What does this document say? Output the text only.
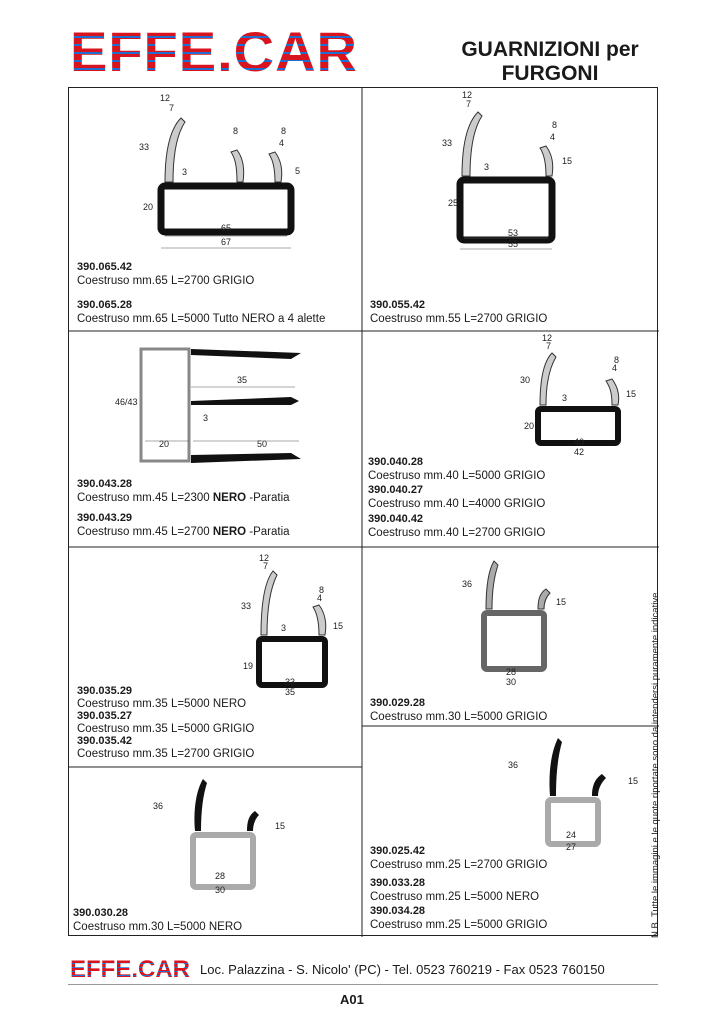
EFFE.CAR	GUARNIZIONI per
FURGONI
12
7
33
3
8	8
4
5
20
65
67
390.065.42
Coestruso mm.65 L=2700 GRIGIO
390.065.28
Coestruso mm.65 L=5000 Tutto NERO a 4 alette
12
7
33
3
8
4
15
25
53
55
390.055.42
Coestruso mm.55 L=2700 GRIGIO
46/43
35
3
20	50
390.043.28
Coestruso mm.45 L=2300 NERO -Paratia
390.043.29
Coestruso mm.45 L=2700 NERO -Paratia
12
7
30
3
8
4
15
20
40
42
390.040.28
Coestruso mm.40 L=5000 GRIGIO
390.040.27
Coestruso mm.40 L=4000 GRIGIO
390.040.42
Coestruso mm.40 L=2700 GRIGIO
12
7
33
3
8
4
15
19
33
35
390.035.29
Coestruso mm.35 L=5000 NERO
390.035.27
Coestruso mm.35 L=5000 GRIGIO
390.035.42
Coestruso mm.35 L=2700 GRIGIO
36
15
28
30
390.029.28
Coestruso mm.30 L=5000 GRIGIO
36
15
28
30
390.030.28
Coestruso mm.30 L=5000 NERO
36
15
24
27
390.025.42
Coestruso mm.25 L=2700 GRIGIO
390.033.28
Coestruso mm.25 L=5000 NERO
390.034.28
Coestruso mm.25 L=5000 GRIGIO	N.B. Tutte le immagini e le quote riportate sono da intendersi puramente indicative
EFFE.CAR Loc. Palazzina - S. Nicolo' (PC) - Tel. 0523 760219 - Fax 0523 760150
A01
